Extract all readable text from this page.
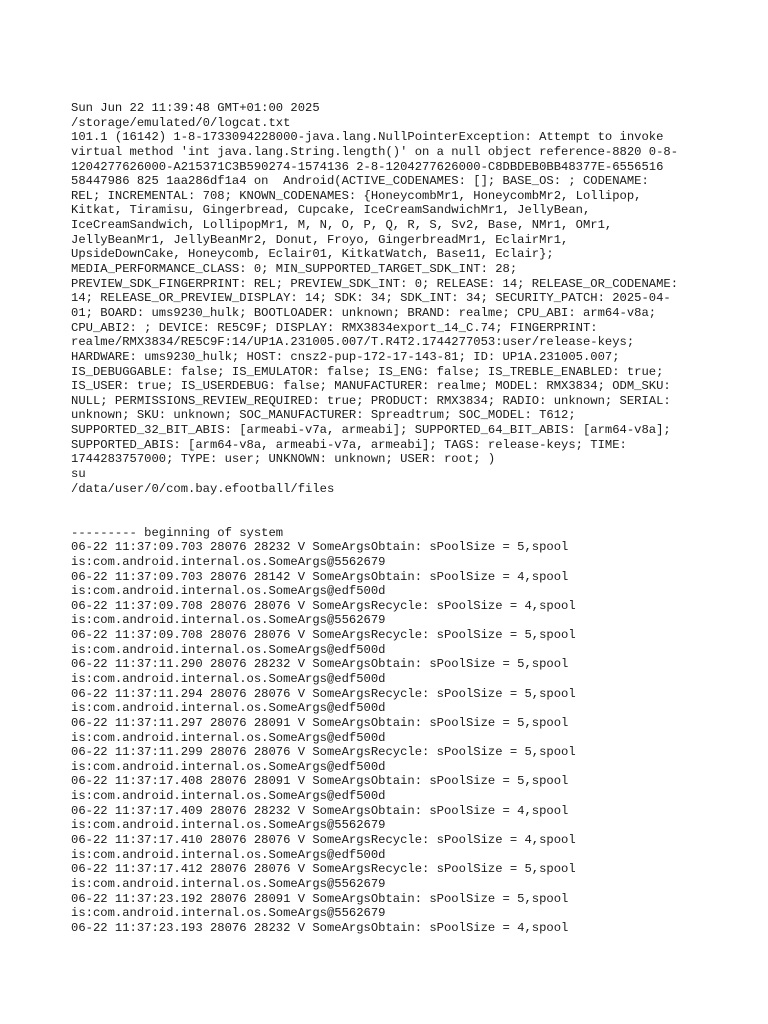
Sun Jun 22 11:39:48 GMT+01:00 2025
/storage/emulated/0/logcat.txt
101.1 (16142) 1-8-1733094228000-java.lang.NullPointerException: Attempt to invoke
virtual method 'int java.lang.String.length()' on a null object reference-8820 0-8-
1204277626000-A215371C3B590274-1574136 2-8-1204277626000-C8DBDEB0BB48377E-6556516
58447986 825 1aa286df1a4 on  Android(ACTIVE_CODENAMES: []; BASE_OS: ; CODENAME:
REL; INCREMENTAL: 708; KNOWN_CODENAMES: {HoneycombMr1, HoneycombMr2, Lollipop,
Kitkat, Tiramisu, Gingerbread, Cupcake, IceCreamSandwichMr1, JellyBean,
IceCreamSandwich, LollipopMr1, M, N, O, P, Q, R, S, Sv2, Base, NMr1, OMr1,
JellyBeanMr1, JellyBeanMr2, Donut, Froyo, GingerbreadMr1, EclairMr1,
UpsideDownCake, Honeycomb, Eclair01, KitkatWatch, Base11, Eclair};
MEDIA_PERFORMANCE_CLASS: 0; MIN_SUPPORTED_TARGET_SDK_INT: 28;
PREVIEW_SDK_FINGERPRINT: REL; PREVIEW_SDK_INT: 0; RELEASE: 14; RELEASE_OR_CODENAME:
14; RELEASE_OR_PREVIEW_DISPLAY: 14; SDK: 34; SDK_INT: 34; SECURITY_PATCH: 2025-04-
01; BOARD: ums9230_hulk; BOOTLOADER: unknown; BRAND: realme; CPU_ABI: arm64-v8a;
CPU_ABI2: ; DEVICE: RE5C9F; DISPLAY: RMX3834export_14_C.74; FINGERPRINT:
realme/RMX3834/RE5C9F:14/UP1A.231005.007/T.R4T2.1744277053:user/release-keys;
HARDWARE: ums9230_hulk; HOST: cnsz2-pup-172-17-143-81; ID: UP1A.231005.007;
IS_DEBUGGABLE: false; IS_EMULATOR: false; IS_ENG: false; IS_TREBLE_ENABLED: true;
IS_USER: true; IS_USERDEBUG: false; MANUFACTURER: realme; MODEL: RMX3834; ODM_SKU:
NULL; PERMISSIONS_REVIEW_REQUIRED: true; PRODUCT: RMX3834; RADIO: unknown; SERIAL:
unknown; SKU: unknown; SOC_MANUFACTURER: Spreadtrum; SOC_MODEL: T612;
SUPPORTED_32_BIT_ABIS: [armeabi-v7a, armeabi]; SUPPORTED_64_BIT_ABIS: [arm64-v8a];
SUPPORTED_ABIS: [arm64-v8a, armeabi-v7a, armeabi]; TAGS: release-keys; TIME:
1744283757000; TYPE: user; UNKNOWN: unknown; USER: root; )
su
/data/user/0/com.bay.efootball/files
--------- beginning of system
06-22 11:37:09.703 28076 28232 V SomeArgsObtain: sPoolSize = 5,spool
is:com.android.internal.os.SomeArgs@5562679
06-22 11:37:09.703 28076 28142 V SomeArgsObtain: sPoolSize = 4,spool
is:com.android.internal.os.SomeArgs@edf500d
06-22 11:37:09.708 28076 28076 V SomeArgsRecycle: sPoolSize = 4,spool
is:com.android.internal.os.SomeArgs@5562679
06-22 11:37:09.708 28076 28076 V SomeArgsRecycle: sPoolSize = 5,spool
is:com.android.internal.os.SomeArgs@edf500d
06-22 11:37:11.290 28076 28232 V SomeArgsObtain: sPoolSize = 5,spool
is:com.android.internal.os.SomeArgs@edf500d
06-22 11:37:11.294 28076 28076 V SomeArgsRecycle: sPoolSize = 5,spool
is:com.android.internal.os.SomeArgs@edf500d
06-22 11:37:11.297 28076 28091 V SomeArgsObtain: sPoolSize = 5,spool
is:com.android.internal.os.SomeArgs@edf500d
06-22 11:37:11.299 28076 28076 V SomeArgsRecycle: sPoolSize = 5,spool
is:com.android.internal.os.SomeArgs@edf500d
06-22 11:37:17.408 28076 28091 V SomeArgsObtain: sPoolSize = 5,spool
is:com.android.internal.os.SomeArgs@edf500d
06-22 11:37:17.409 28076 28232 V SomeArgsObtain: sPoolSize = 4,spool
is:com.android.internal.os.SomeArgs@5562679
06-22 11:37:17.410 28076 28076 V SomeArgsRecycle: sPoolSize = 4,spool
is:com.android.internal.os.SomeArgs@edf500d
06-22 11:37:17.412 28076 28076 V SomeArgsRecycle: sPoolSize = 5,spool
is:com.android.internal.os.SomeArgs@5562679
06-22 11:37:23.192 28076 28091 V SomeArgsObtain: sPoolSize = 5,spool
is:com.android.internal.os.SomeArgs@5562679
06-22 11:37:23.193 28076 28232 V SomeArgsObtain: sPoolSize = 4,spool
